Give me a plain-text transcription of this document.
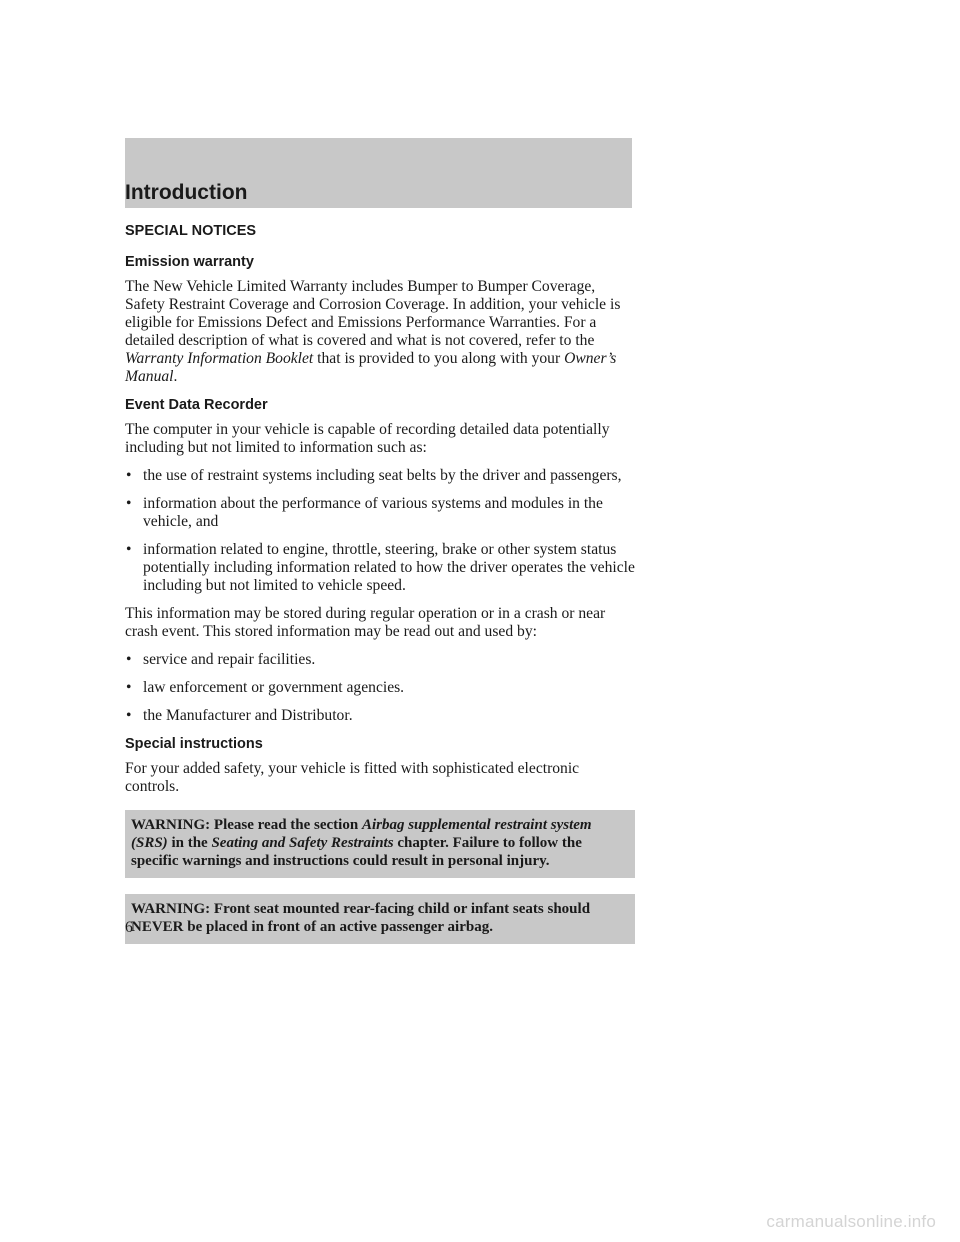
Introduction
SPECIAL NOTICES
Emission warranty

The New Vehicle Limited Warranty includes Bumper to Bumper Coverage, Safety Restraint Coverage and Corrosion Coverage. In addition, your vehicle is eligible for Emissions Defect and Emissions Performance Warranties. For a detailed description of what is covered and what is not covered, refer to the Warranty Information Booklet that is provided to you along with your Owner’s Manual.

Event Data Recorder

The computer in your vehicle is capable of recording detailed data potentially including but not limited to information such as:

• the use of restraint systems including seat belts by the driver and passengers,
• information about the performance of various systems and modules in the vehicle, and
• information related to engine, throttle, steering, brake or other system status potentially including information related to how the driver operates the vehicle including but not limited to vehicle speed.

This information may be stored during regular operation or in a crash or near crash event. This stored information may be read out and used by:

• service and repair facilities.
• law enforcement or government agencies.
• the Manufacturer and Distributor.
Special instructions

For your added safety, your vehicle is fitted with sophisticated electronic controls.

WARNING: Please read the section Airbag supplemental restraint system (SRS) in the Seating and Safety Restraints chapter. Failure to follow the specific warnings and instructions could result in personal injury.
WARNING: Front seat mounted rear-facing child or infant seats should NEVER be placed in front of an active passenger airbag.
6
carmanualsonline.info
